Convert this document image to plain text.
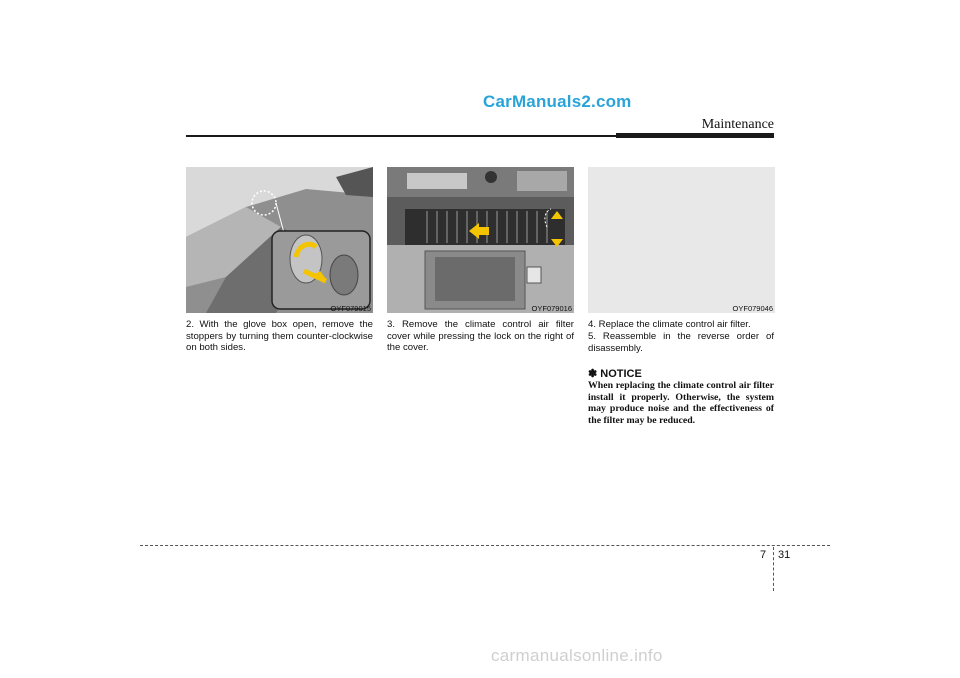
CarManuals2.com
Maintenance
OYF079015	OYF079016	OYF079046
2. With the glove box open, remove the stoppers by turning them counter-clockwise on both sides.
3. Remove the climate control air filter cover while pressing the lock on the right of the cover.
4. Replace the climate control air filter.
5. Reassemble in the reverse order of disassembly.
✽ NOTICE
When replacing the climate control air filter install it properly. Otherwise, the system may produce noise and the effectiveness of the filter may be reduced.
7 31
carmanualsonline.info
